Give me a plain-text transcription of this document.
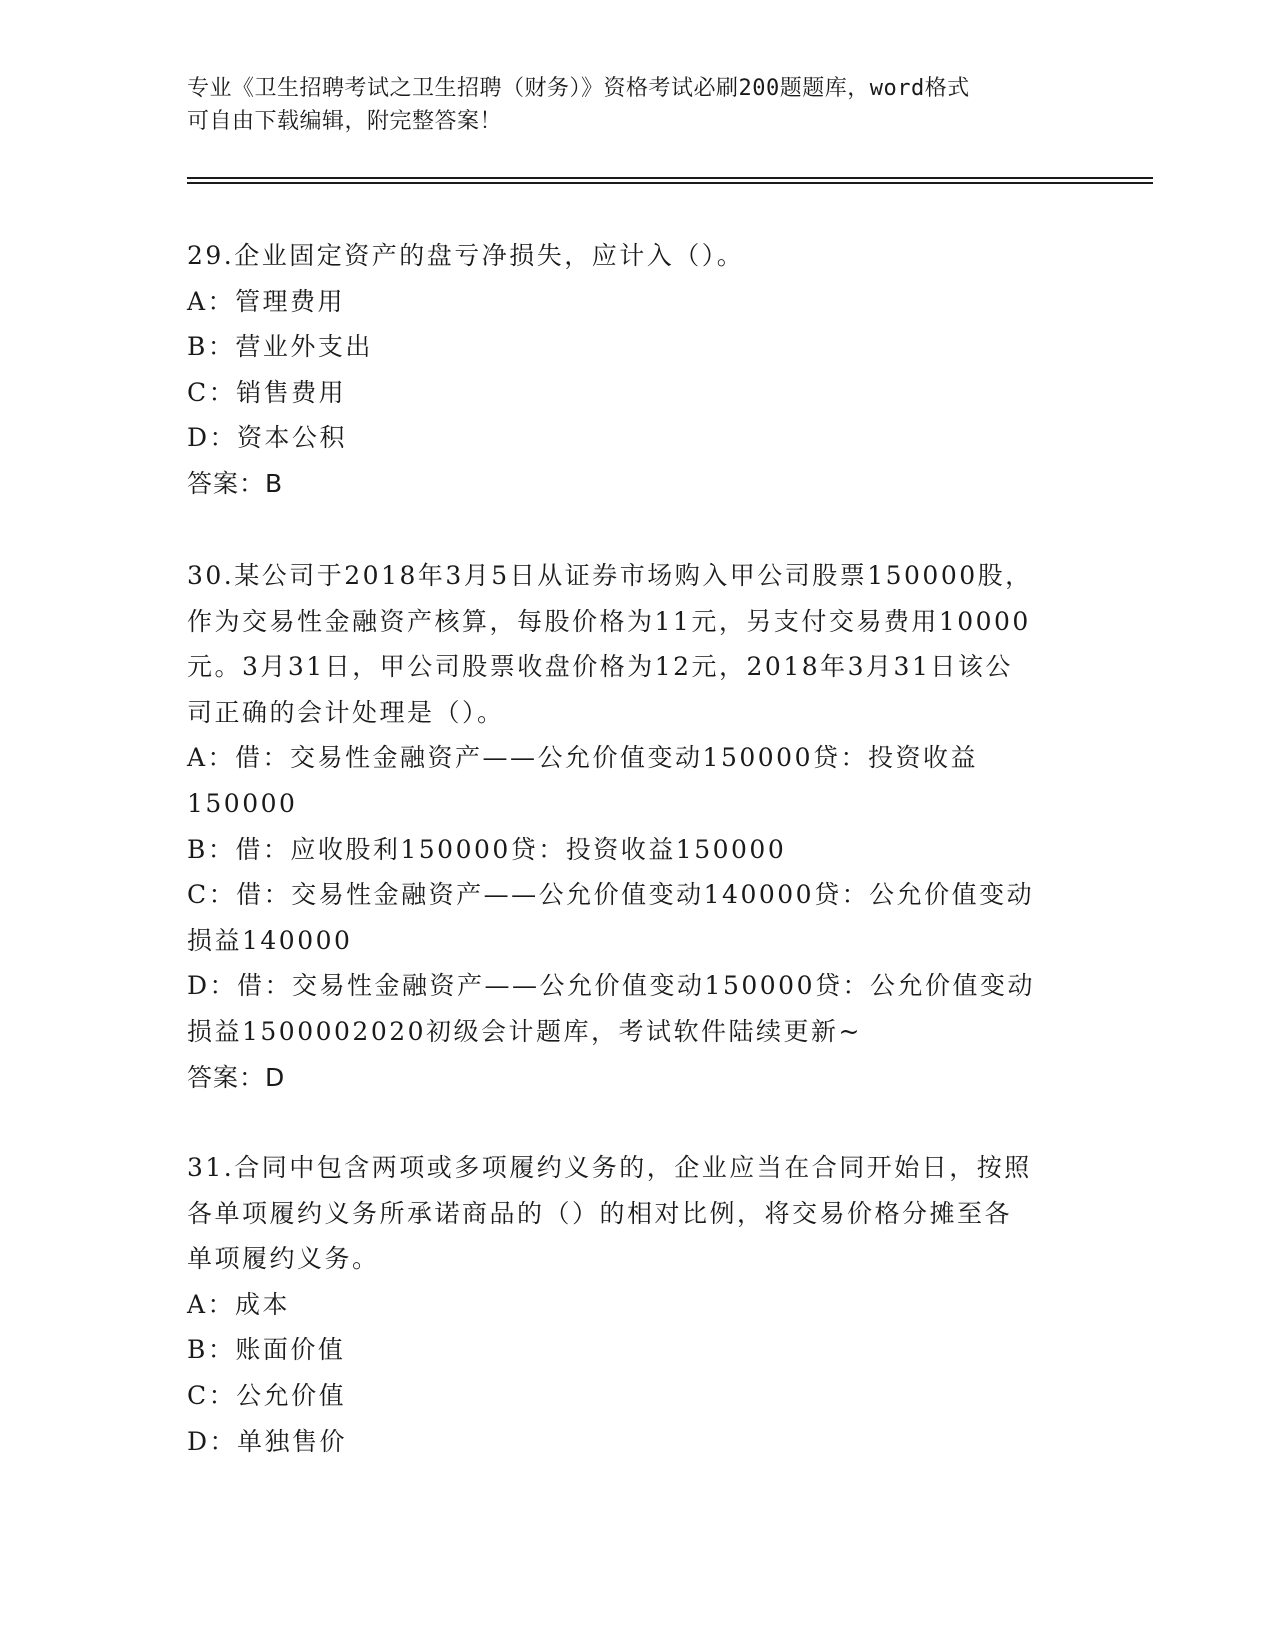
专业《卫生招聘考试之卫生招聘（财务）》资格考试必刷200题题库，word格式
可自由下载编辑，附完整答案！
29.企业固定资产的盘亏净损失，应计入（）。
A：管理费用
B：营业外支出
C：销售费用
D：资本公积
答案：B
30.某公司于2018年3月5日从证券市场购入甲公司股票150000股，
作为交易性金融资产核算，每股价格为11元，另支付交易费用10000
元。3月31日，甲公司股票收盘价格为12元，2018年3月31日该公
司正确的会计处理是（）。
A：借：交易性金融资产——公允价值变动150000贷：投资收益
150000
B：借：应收股利150000贷：投资收益150000
C：借：交易性金融资产——公允价值变动140000贷：公允价值变动
损益140000
D：借：交易性金融资产——公允价值变动150000贷：公允价值变动
损益1500002020初级会计题库，考试软件陆续更新~
答案：D
31.合同中包含两项或多项履约义务的，企业应当在合同开始日，按照
各单项履约义务所承诺商品的（）的相对比例，将交易价格分摊至各
单项履约义务。
A：成本
B：账面价值
C：公允价值
D：单独售价
